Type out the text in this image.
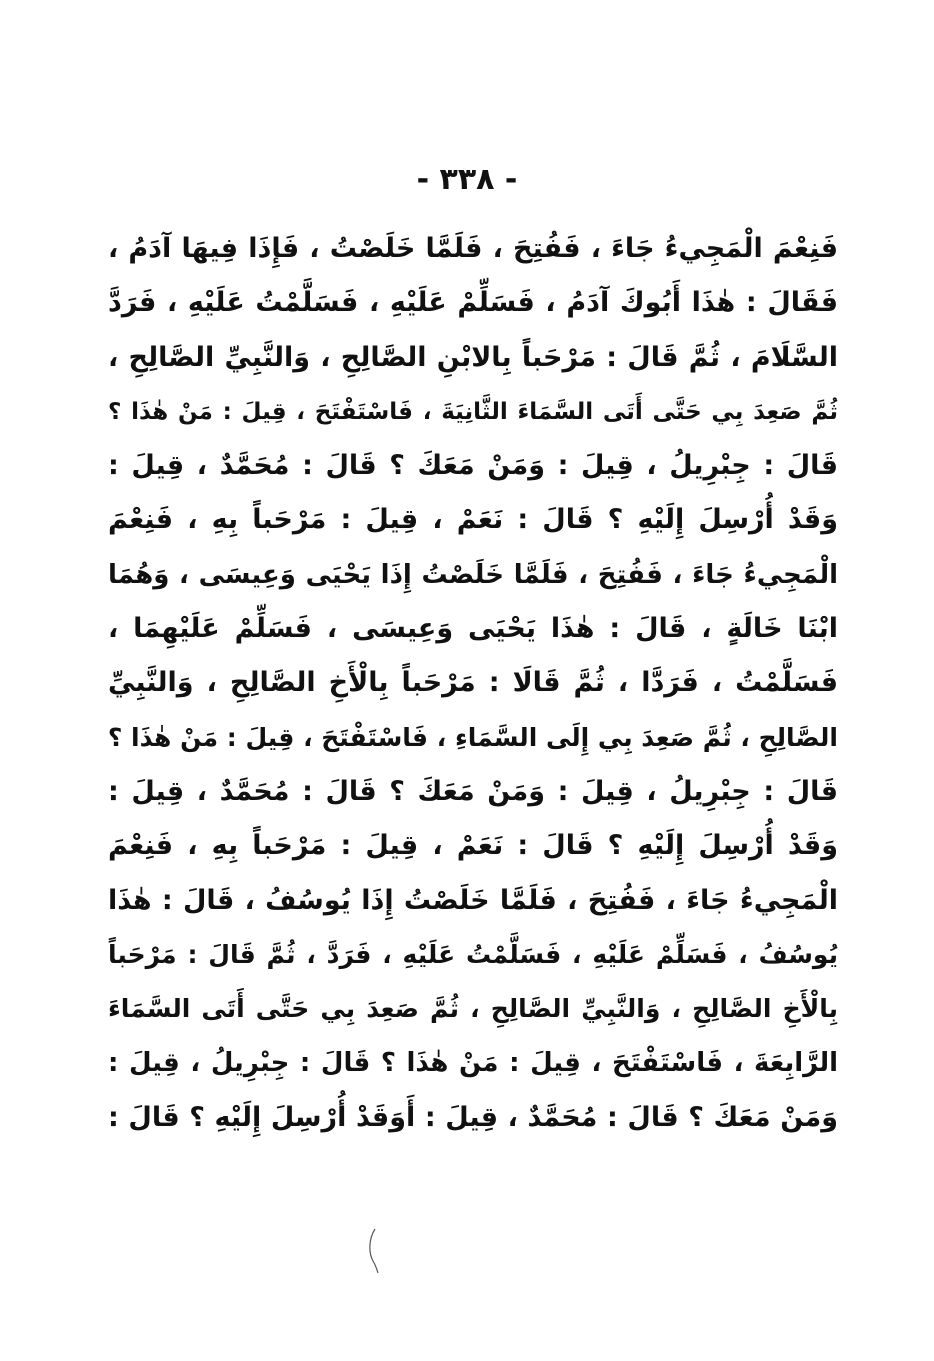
- ٣٣٨ -
فَنِعْمَ الْمَجِيءُ جَاءَ ، فَفُتِحَ ، فَلَمَّا خَلَصْتُ ، فَإِذَا فِيهَا آدَمُ ،
فَقَالَ : هٰذَا أَبُوكَ آدَمُ ، فَسَلِّمْ عَلَيْهِ ، فَسَلَّمْتُ عَلَيْهِ ، فَرَدَّ
السَّلَامَ ، ثُمَّ قَالَ : مَرْحَباً بِالابْنِ الصَّالِحِ ، وَالنَّبِيِّ الصَّالِحِ ،
ثُمَّ صَعِدَ بِي حَتَّى أَتَى السَّمَاءَ الثَّانِيَةَ ، فَاسْتَفْتَحَ ، قِيلَ : مَنْ هٰذَا ؟
قَالَ : جِبْرِيلُ ، قِيلَ : وَمَنْ مَعَكَ ؟ قَالَ : مُحَمَّدٌ ، قِيلَ :
وَقَدْ أُرْسِلَ إِلَيْهِ ؟ قَالَ : نَعَمْ ، قِيلَ : مَرْحَباً بِهِ ، فَنِعْمَ
الْمَجِيءُ جَاءَ ، فَفُتِحَ ، فَلَمَّا خَلَصْتُ إِذَا يَحْيَى وَعِيسَى ، وَهُمَا
ابْنَا خَالَةٍ ، قَالَ : هٰذَا يَحْيَى وَعِيسَى ، فَسَلِّمْ عَلَيْهِمَا ،
فَسَلَّمْتُ ، فَرَدَّا ، ثُمَّ قَالَا : مَرْحَباً بِالْأَخِ الصَّالِحِ ، وَالنَّبِيِّ
الصَّالِحِ ، ثُمَّ صَعِدَ بِي إِلَى السَّمَاءِ ، فَاسْتَفْتَحَ ، قِيلَ : مَنْ هٰذَا ؟
قَالَ : جِبْرِيلُ ، قِيلَ : وَمَنْ مَعَكَ ؟ قَالَ : مُحَمَّدٌ ، قِيلَ :
وَقَدْ أُرْسِلَ إِلَيْهِ ؟ قَالَ : نَعَمْ ، قِيلَ : مَرْحَباً بِهِ ، فَنِعْمَ
الْمَجِيءُ جَاءَ ، فَفُتِحَ ، فَلَمَّا خَلَصْتُ إِذَا يُوسُفُ ، قَالَ : هٰذَا
يُوسُفُ ، فَسَلِّمْ عَلَيْهِ ، فَسَلَّمْتُ عَلَيْهِ ، فَرَدَّ ، ثُمَّ قَالَ : مَرْحَباً
بِالْأَخِ الصَّالِحِ ، وَالنَّبِيِّ الصَّالِحِ ، ثُمَّ صَعِدَ بِي حَتَّى أَتَى السَّمَاءَ
الرَّابِعَةَ ، فَاسْتَفْتَحَ ، قِيلَ : مَنْ هٰذَا ؟ قَالَ : جِبْرِيلُ ، قِيلَ :
وَمَنْ مَعَكَ ؟ قَالَ : مُحَمَّدٌ ، قِيلَ : أَوَقَدْ أُرْسِلَ إِلَيْهِ ؟ قَالَ :
